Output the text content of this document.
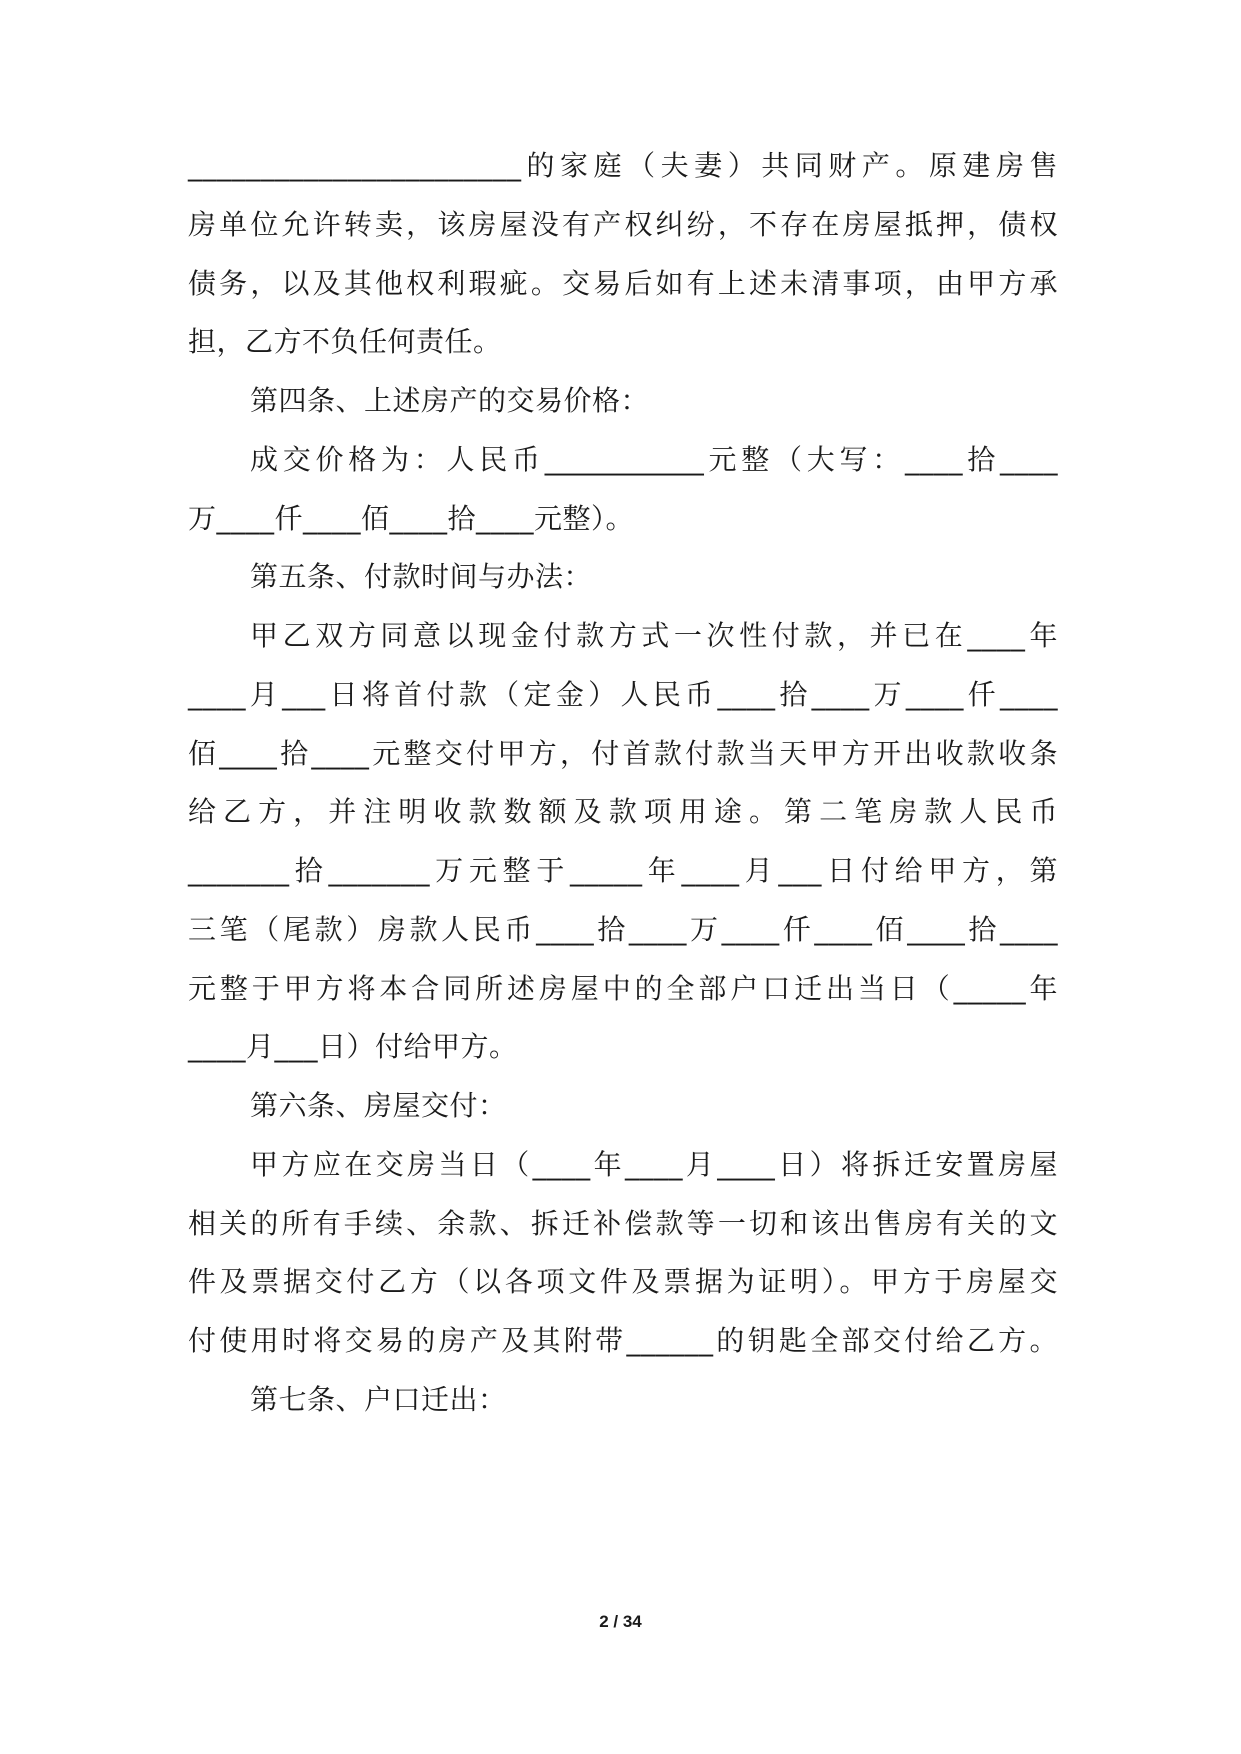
_______________________的家庭（夫妻）共同财产。原建房售
房单位允许转卖，该房屋没有产权纠纷，不存在房屋抵押，债权
债务，以及其他权利瑕疵。交易后如有上述未清事项，由甲方承
担，乙方不负任何责任。
第四条、上述房产的交易价格：
成交价格为：人民币___________元整（大写：____拾____
万____仟____佰____拾____元整）。
第五条、付款时间与办法：
甲乙双方同意以现金付款方式一次性付款，并已在____年
____月___日将首付款（定金）人民币____拾____万____仟____
佰____拾____元整交付甲方，付首款付款当天甲方开出收款收条
给乙方，并注明收款数额及款项用途。第二笔房款人民币
_______拾_______万元整于_____年____月___日付给甲方，第
三笔（尾款）房款人民币____拾____万____仟____佰____拾____
元整于甲方将本合同所述房屋中的全部户口迁出当日（_____年
____月___日）付给甲方。
第六条、房屋交付：
甲方应在交房当日（____年____月____日）将拆迁安置房屋
相关的所有手续、余款、拆迁补偿款等一切和该出售房有关的文
件及票据交付乙方（以各项文件及票据为证明）。甲方于房屋交
付使用时将交易的房产及其附带______的钥匙全部交付给乙方。
第七条、户口迁出：
2 / 34
